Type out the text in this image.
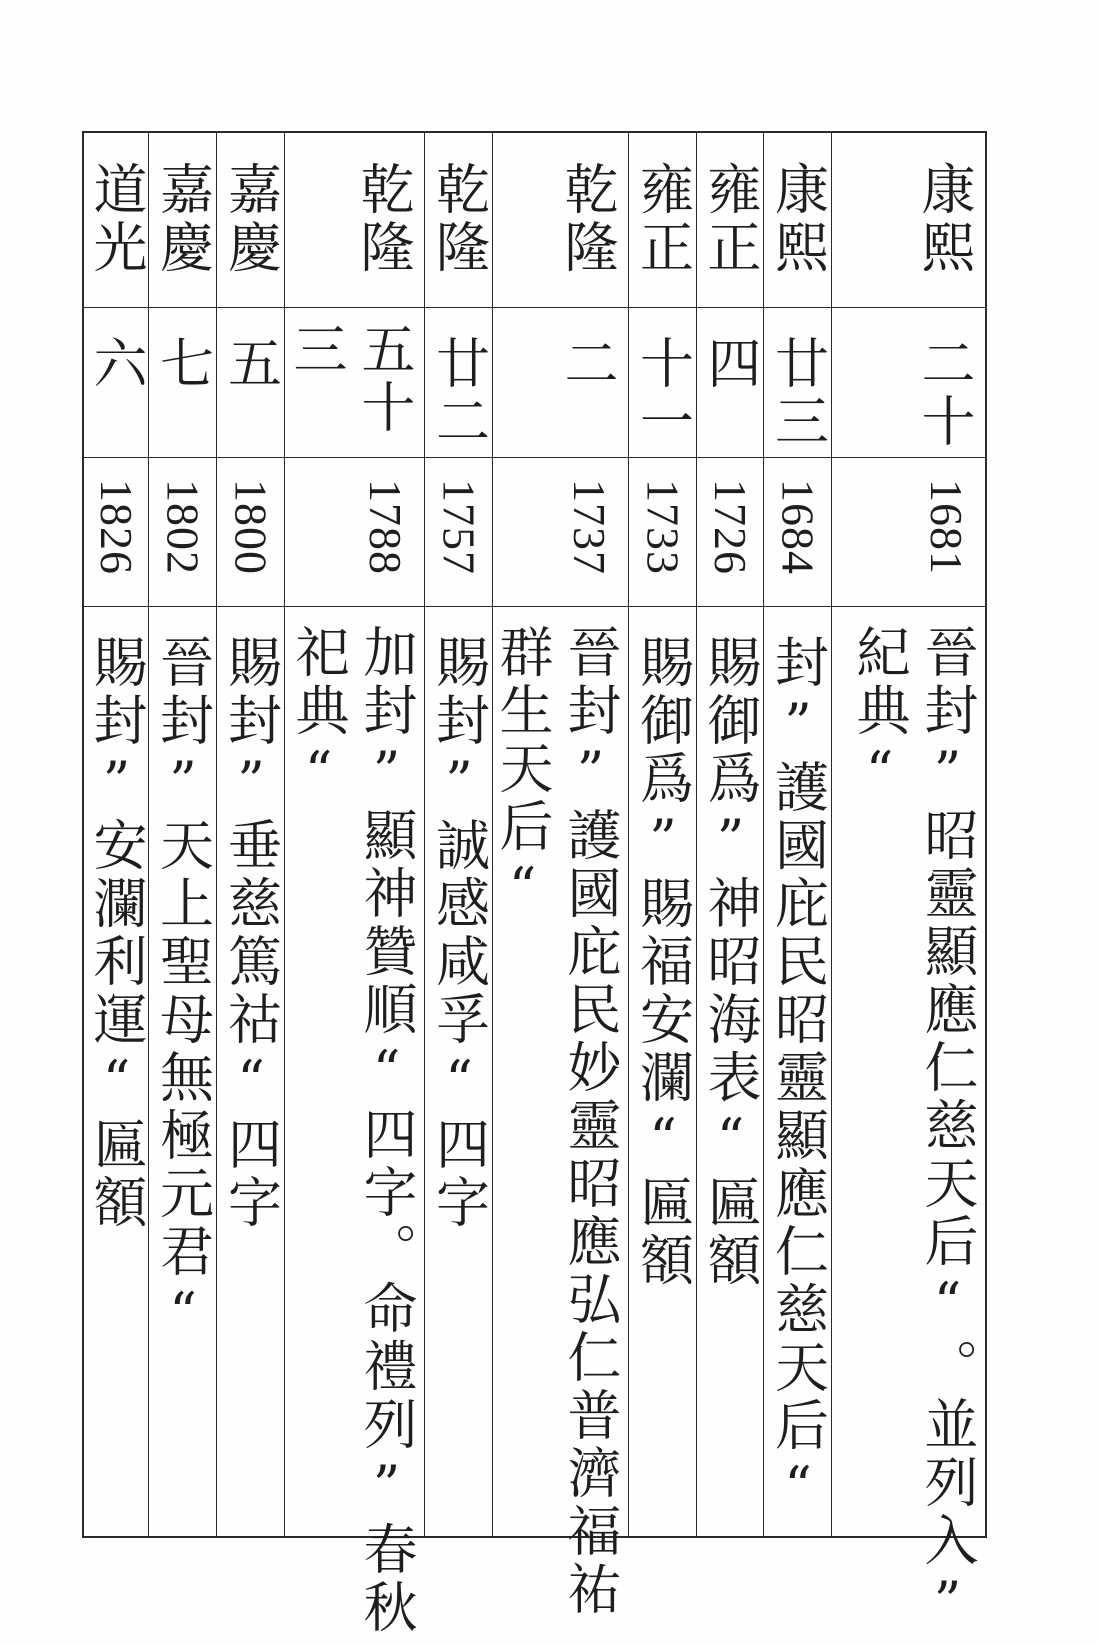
道光
六
1826
賜封”安瀾利運“匾額
嘉慶
七
1802
晉封”天上聖母無極元君“
嘉慶
五
1800
賜封”垂慈篤祜“四字
乾隆
五十
三
1788
加封”顯神贊順“四字。命禮列”春秋
祀典“
乾隆
廿二
1757
賜封”誠感咸孚“四字
乾隆
二
1737
晉封”護國庇民妙靈昭應弘仁普濟福祐
群生天后“
雍正
十一
1733
賜御爲”賜福安瀾“匾額
雍正
四
1726
賜御爲”神昭海表“匾額
康熙
廿三
1684
封”護國庇民昭靈顯應仁慈天后“
康熙
二十
1681
晉封”昭靈顯應仁慈天后“。並列入”
紀典“
